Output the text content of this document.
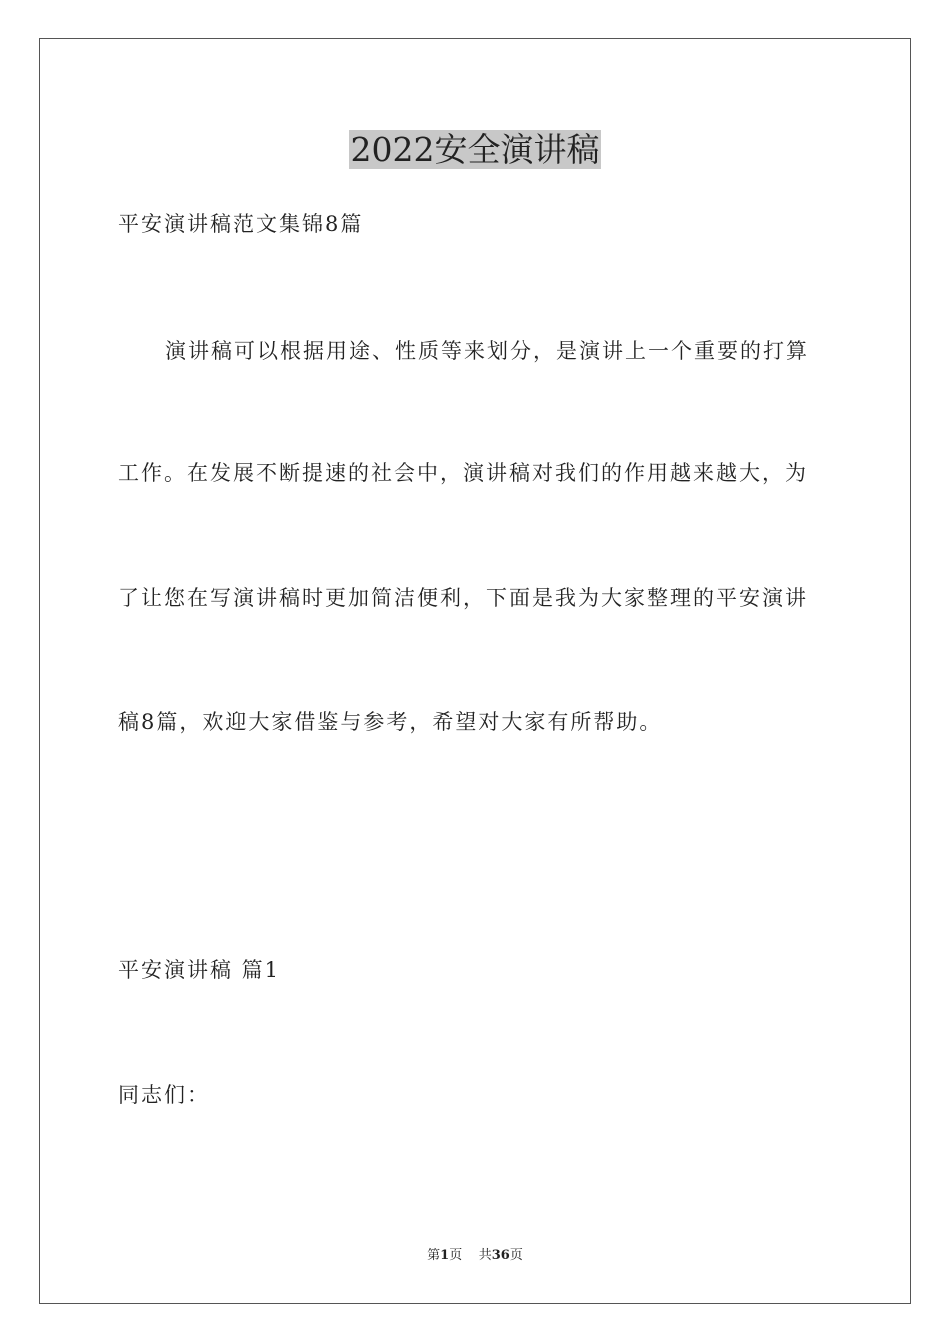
2022安全演讲稿
平安演讲稿范文集锦8篇
演讲稿可以根据用途、性质等来划分，是演讲上一个重要的打算
工作。在发展不断提速的社会中，演讲稿对我们的作用越来越大，为
了让您在写演讲稿时更加简洁便利，下面是我为大家整理的平安演讲
稿8篇，欢迎大家借鉴与参考，希望对大家有所帮助。
平安演讲稿 篇1
同志们：
第1页 共36页
